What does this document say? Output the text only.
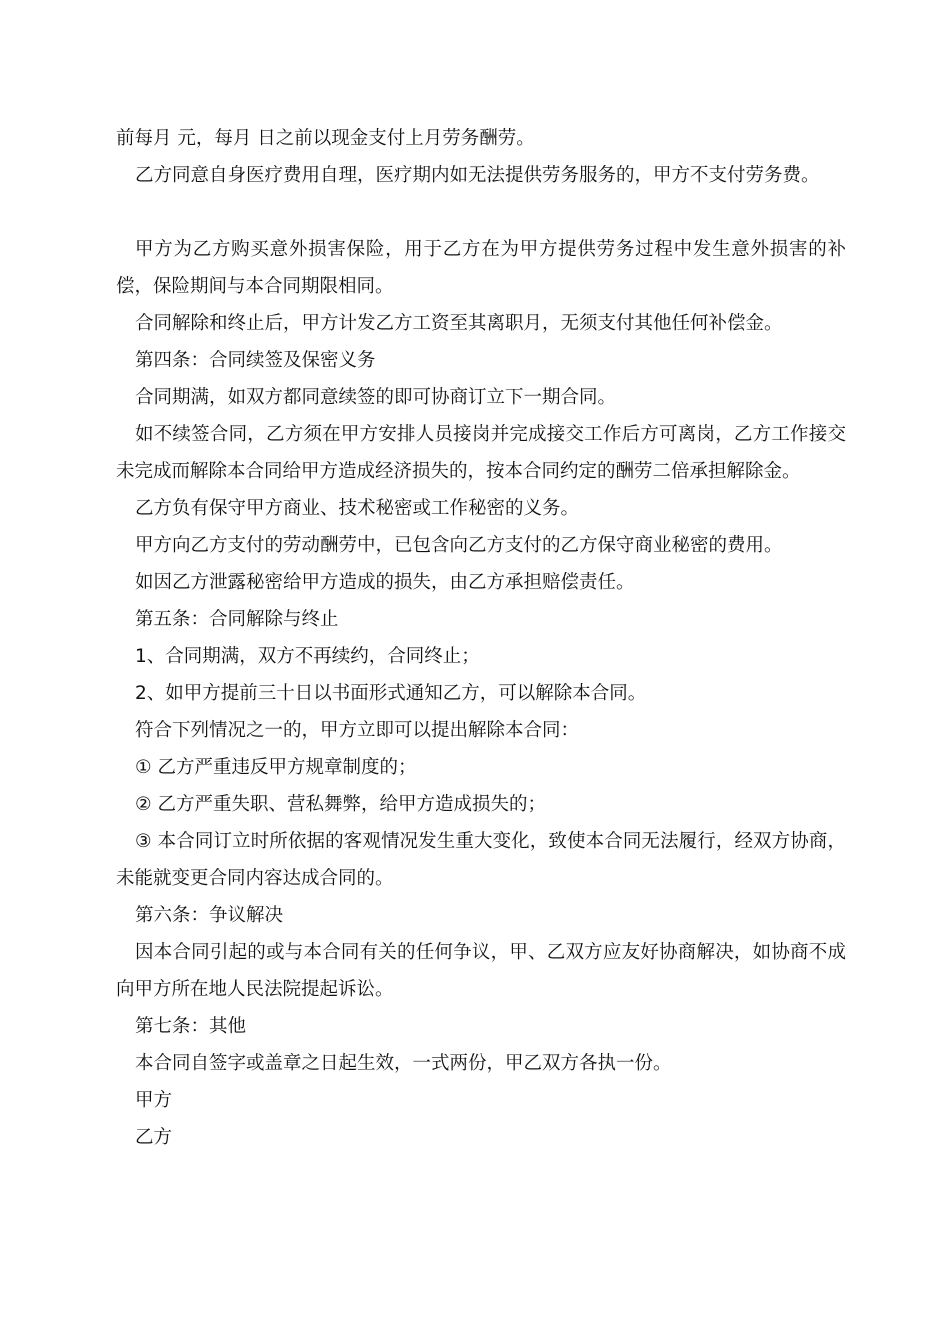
前每月 元，每月 日之前以现金支付上月劳务酬劳。

乙方同意自身医疗费用自理，医疗期内如无法提供劳务服务的，甲方不支付劳务费。

甲方为乙方购买意外损害保险，用于乙方在为甲方提供劳务过程中发生意外损害的补偿，保险期间与本合同期限相同。

合同解除和终止后，甲方计发乙方工资至其离职月，无须支付其他任何补偿金。

第四条：合同续签及保密义务

合同期满，如双方都同意续签的即可协商订立下一期合同。

如不续签合同，乙方须在甲方安排人员接岗并完成接交工作后方可离岗，乙方工作接交未完成而解除本合同给甲方造成经济损失的，按本合同约定的酬劳二倍承担解除金。

乙方负有保守甲方商业、技术秘密或工作秘密的义务。

甲方向乙方支付的劳动酬劳中，已包含向乙方支付的乙方保守商业秘密的费用。

如因乙方泄露秘密给甲方造成的损失，由乙方承担赔偿责任。

第五条：合同解除与终止

1、合同期满，双方不再续约，合同终止；

2、如甲方提前三十日以书面形式通知乙方，可以解除本合同。

符合下列情况之一的，甲方立即可以提出解除本合同：

① 乙方严重违反甲方规章制度的；

② 乙方严重失职、营私舞弊，给甲方造成损失的；

③ 本合同订立时所依据的客观情况发生重大变化，致使本合同无法履行，经双方协商，未能就变更合同内容达成合同的。

第六条：争议解决

因本合同引起的或与本合同有关的任何争议，甲、乙双方应友好协商解决，如协商不成向甲方所在地人民法院提起诉讼。

第七条：其他

本合同自签字或盖章之日起生效，一式两份，甲乙双方各执一份。

甲方

乙方
